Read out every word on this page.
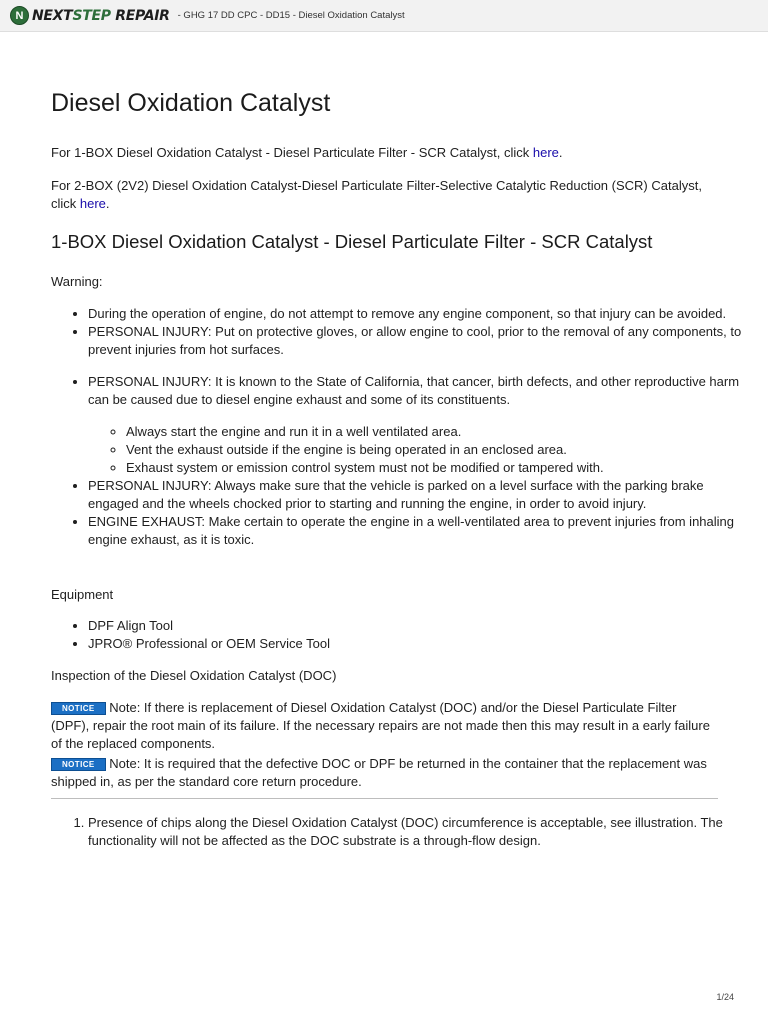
N NEXTSTEP REPAIR - GHG 17 DD CPC - DD15 - Diesel Oxidation Catalyst
Diesel Oxidation Catalyst

For 1-BOX Diesel Oxidation Catalyst - Diesel Particulate Filter - SCR Catalyst, click here.

For 2-BOX (2V2) Diesel Oxidation Catalyst-Diesel Particulate Filter-Selective Catalytic Reduction (SCR) Catalyst, click here.

1-BOX Diesel Oxidation Catalyst - Diesel Particulate Filter - SCR Catalyst

Warning:

• During the operation of engine, do not attempt to remove any engine component, so that injury can be avoided.
• PERSONAL INJURY: Put on protective gloves, or allow engine to cool, prior to the removal of any components, to prevent injuries from hot surfaces.
• PERSONAL INJURY: It is known to the State of California, that cancer, birth defects, and other reproductive harm can be caused due to diesel engine exhaust and some of its constituents.
◦ Always start the engine and run it in a well ventilated area.
◦ Vent the exhaust outside if the engine is being operated in an enclosed area.
◦ Exhaust system or emission control system must not be modified or tampered with.
• PERSONAL INJURY: Always make sure that the vehicle is parked on a level surface with the parking brake engaged and the wheels chocked prior to starting and running the engine, in order to avoid injury.
• ENGINE EXHAUST: Make certain to operate the engine in a well-ventilated area to prevent injuries from inhaling engine exhaust, as it is toxic.

Equipment

• DPF Align Tool
• JPRO® Professional or OEM Service Tool

Inspection of the Diesel Oxidation Catalyst (DOC)

NOTICE Note: If there is replacement of Diesel Oxidation Catalyst (DOC) and/or the Diesel Particulate Filter (DPF), repair the root main of its failure. If the necessary repairs are not made then this may result in a early failure of the replaced components.

NOTICE Note: It is required that the defective DOC or DPF be returned in the container that the replacement was shipped in, as per the standard core return procedure.

1. Presence of chips along the Diesel Oxidation Catalyst (DOC) circumference is acceptable, see illustration. The functionality will not be affected as the DOC substrate is a through-flow design.
1/24
